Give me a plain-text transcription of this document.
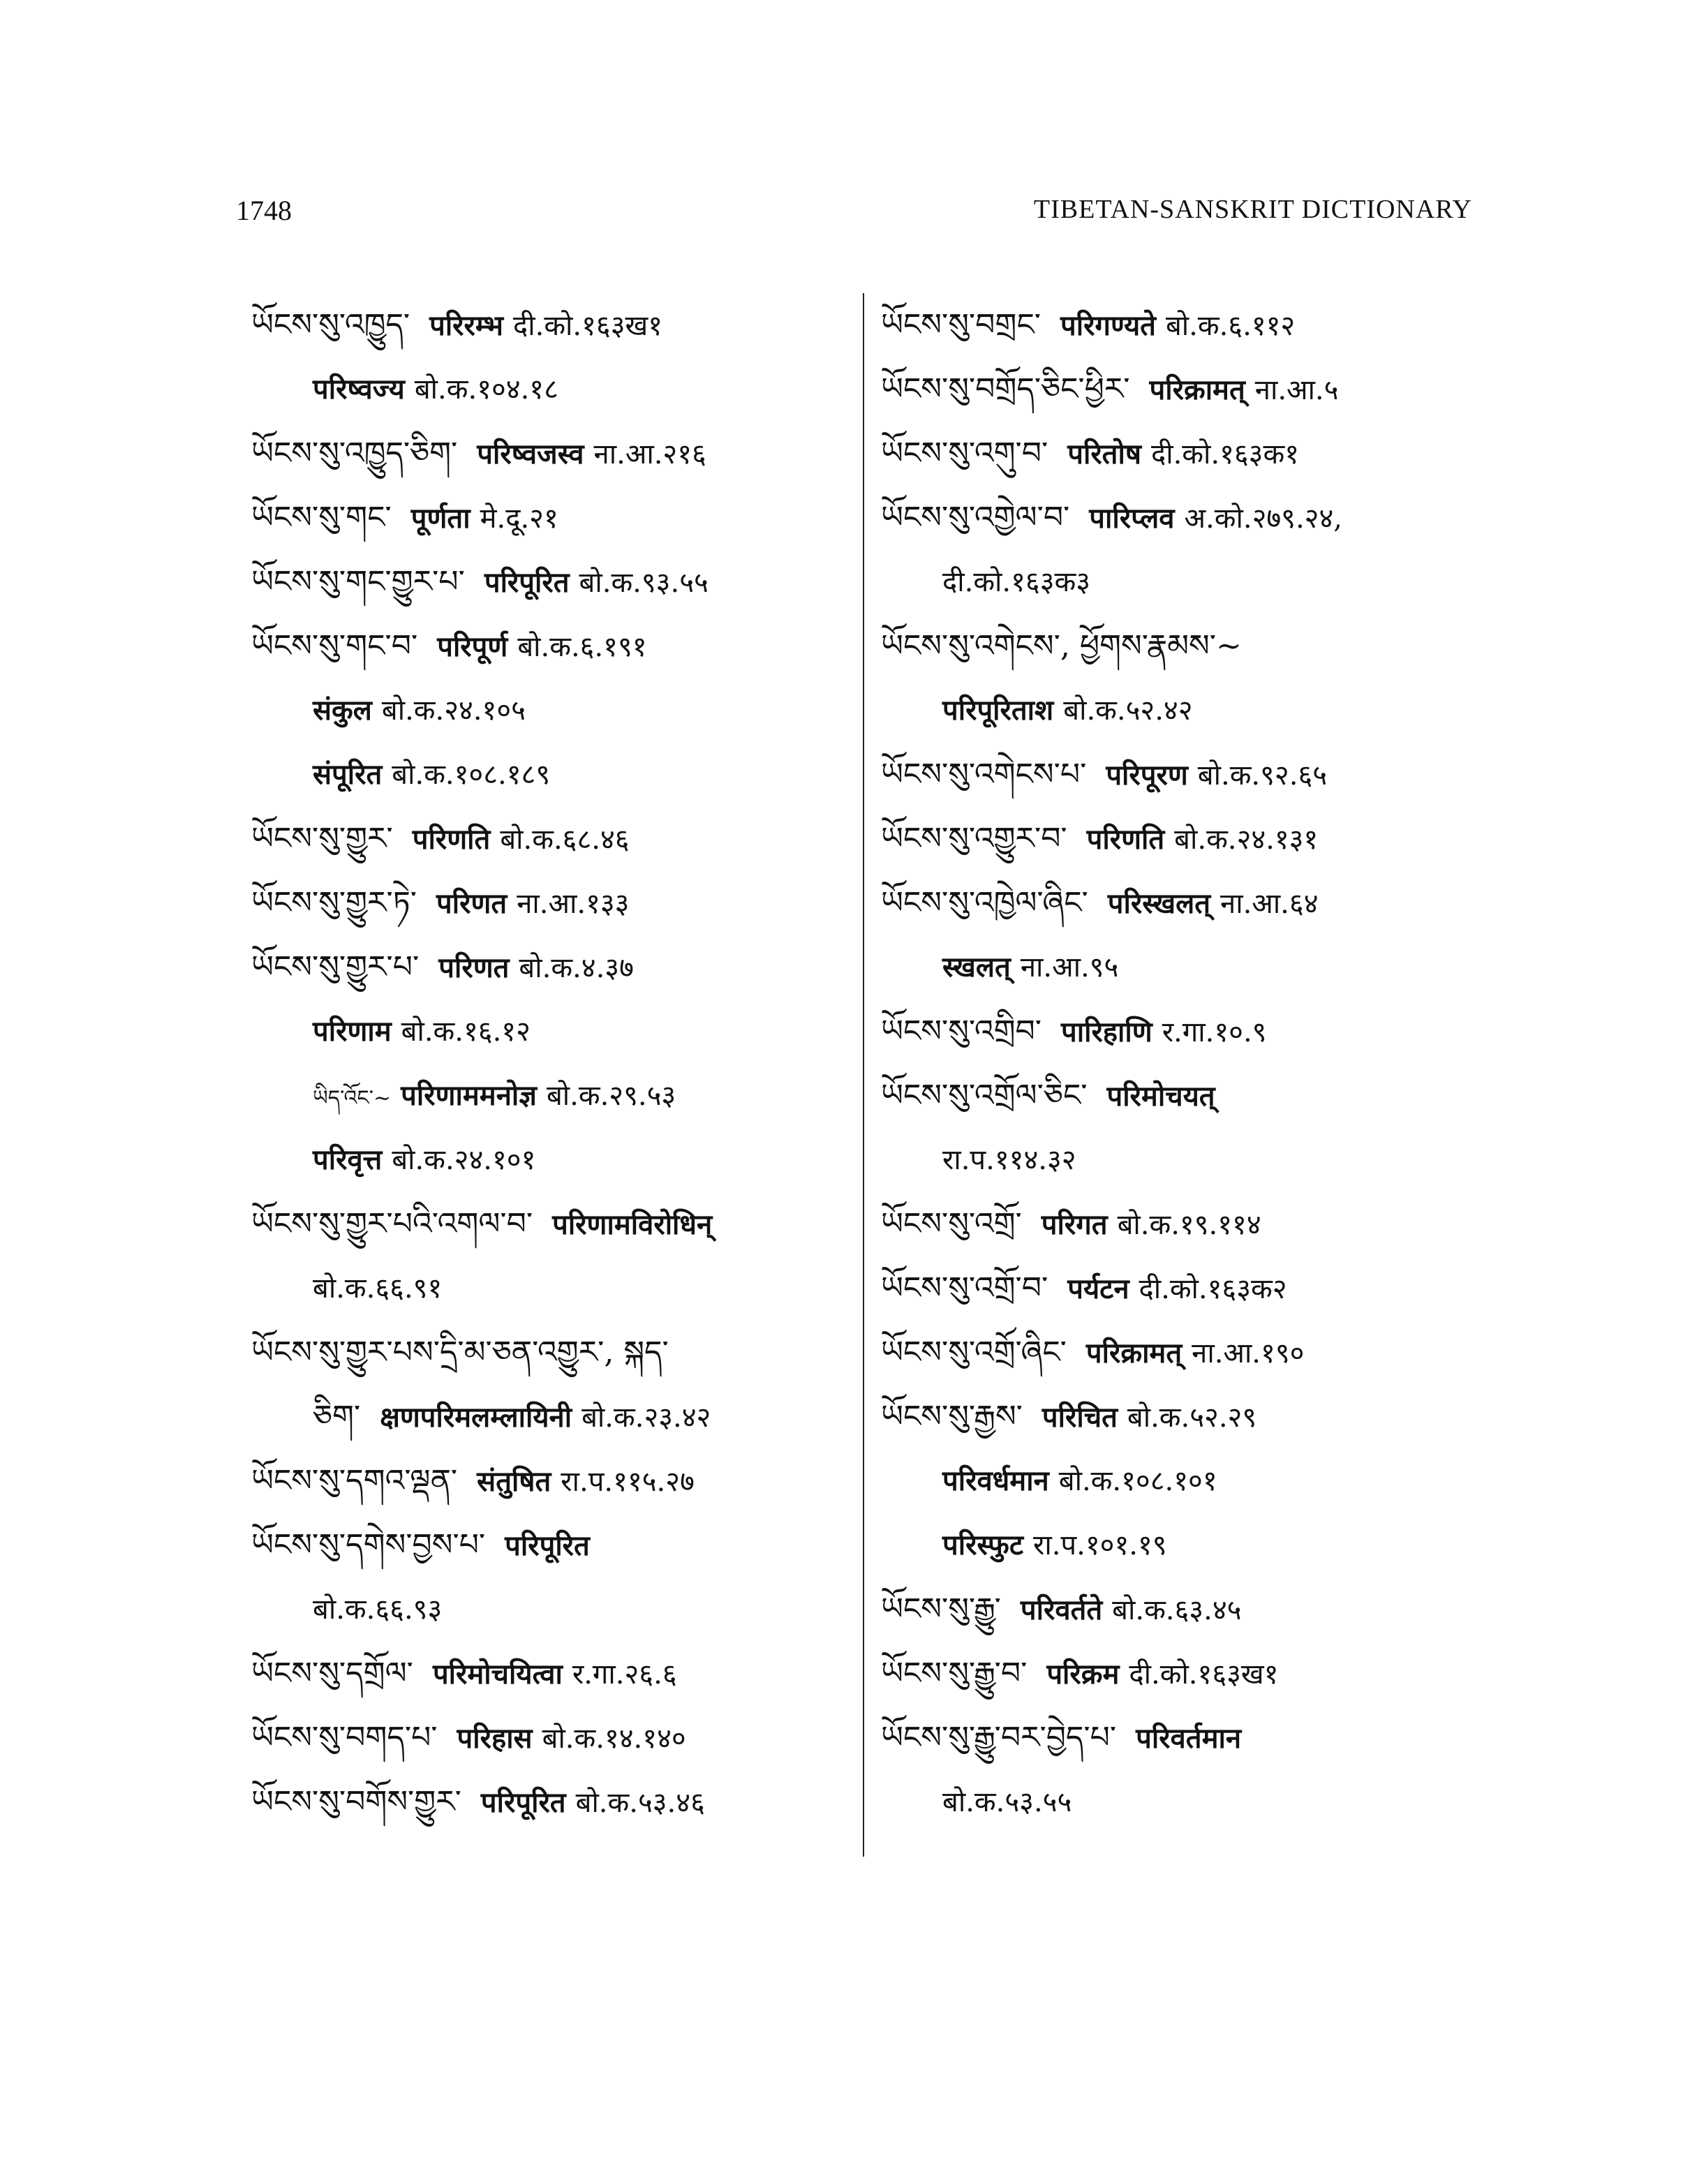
1748	TIBETAN-SANSKRIT DICTIONARY
ཡོངས་སུ་འཁྱུད་ परिरम्भ दी.को.१६३ख१
परिष्वज्य बो.क.१०४.१८
ཡོངས་སུ་འཁྱུད་ཅིག་ परिष्वजस्व ना.आ.२१६
ཡོངས་སུ་གང་ पूर्णता मे.दू.२१
ཡོངས་སུ་གང་གྱུར་པ་ परिपूरित बो.क.९३.५५
ཡོངས་སུ་གང་བ་ परिपूर्ण बो.क.६.१९१
संकुल बो.क.२४.१०५
संपूरित बो.क.१०८.१८९
ཡོངས་སུ་གྱུར་ परिणति बो.क.६८.४६
ཡོངས་སུ་གྱུར་ཏེ་ परिणत ना.आ.१३३
ཡོངས་སུ་གྱུར་པ་ परिणत बो.क.४.३७
परिणाम बो.क.१६.१२
ཡིད་འོང་~ परिणाममनोज्ञ बो.क.२९.५३
परिवृत्त बो.क.२४.१०१
ཡོངས་སུ་གྱུར་པའི་འགལ་བ་ परिणामविरोधिन्
बो.क.६६.९१
ཡོངས་སུ་གྱུར་པས་དྲི་མ་ཅན་འགྱུར་, སྐད་
ཅིག་ क्षणपरिमलम्लायिनी बो.क.२३.४२
ཡོངས་སུ་དགའ་ལྡན་ संतुषित रा.प.११५.२७
ཡོངས་སུ་དགེས་བྱས་པ་ परिपूरित
बो.क.६६.९३
ཡོངས་སུ་དགྲོལ་ परिमोचयित्वा र.गा.२६.६
ཡོངས་སུ་བགད་པ་ परिहास बो.क.१४.१४०
ཡོངས་སུ་བགོས་གྱུར་ परिपूरित बो.क.५३.४६
ཡོངས་སུ་བགྲང་ परिगण्यते बो.क.६.११२
ཡོངས་སུ་བགྲོད་ཅིང་ཕྱིར་ परिक्रामत् ना.आ.५
ཡོངས་སུ་འགུ་བ་ परितोष दी.को.१६३क१
ཡོངས་སུ་འགྱེལ་བ་ पारिप्लव अ.को.२७९.२४,
दी.को.१६३क३
ཡོངས་སུ་འགེངས་, ཕྱོགས་རྣམས་~
परिपूरिताश बो.क.५२.४२
ཡོངས་སུ་འགེངས་པ་ परिपूरण बो.क.९२.६५
ཡོངས་སུ་འགྱུར་བ་ परिणति बो.क.२४.१३१
ཡོངས་སུ་འཁྱེལ་ཞིང་ परिस्खलत् ना.आ.६४
स्खलत् ना.आ.९५
ཡོངས་སུ་འགྲིབ་ पारिहाणि र.गा.१०.९
ཡོངས་སུ་འགྲོལ་ཅིང་ परिमोचयत्
रा.प.११४.३२
ཡོངས་སུ་འགྲོ་ परिगत बो.क.१९.११४
ཡོངས་སུ་འགྲོ་བ་ पर्यटन दी.को.१६३क२
ཡོངས་སུ་འགྲོ་ཞིང་ परिक्रामत् ना.आ.१९०
ཡོངས་སུ་རྒྱས་ परिचित बो.क.५२.२९
परिवर्धमान बो.क.१०८.१०१
परिस्फुट रा.प.१०१.१९
ཡོངས་སུ་རྒྱུ་ परिवर्तते बो.क.६३.४५
ཡོངས་སུ་རྒྱུ་བ་ परिक्रम दी.को.१६३ख१
ཡོངས་སུ་རྒྱུ་བར་བྱེད་པ་ परिवर्तमान
बो.क.५३.५५
